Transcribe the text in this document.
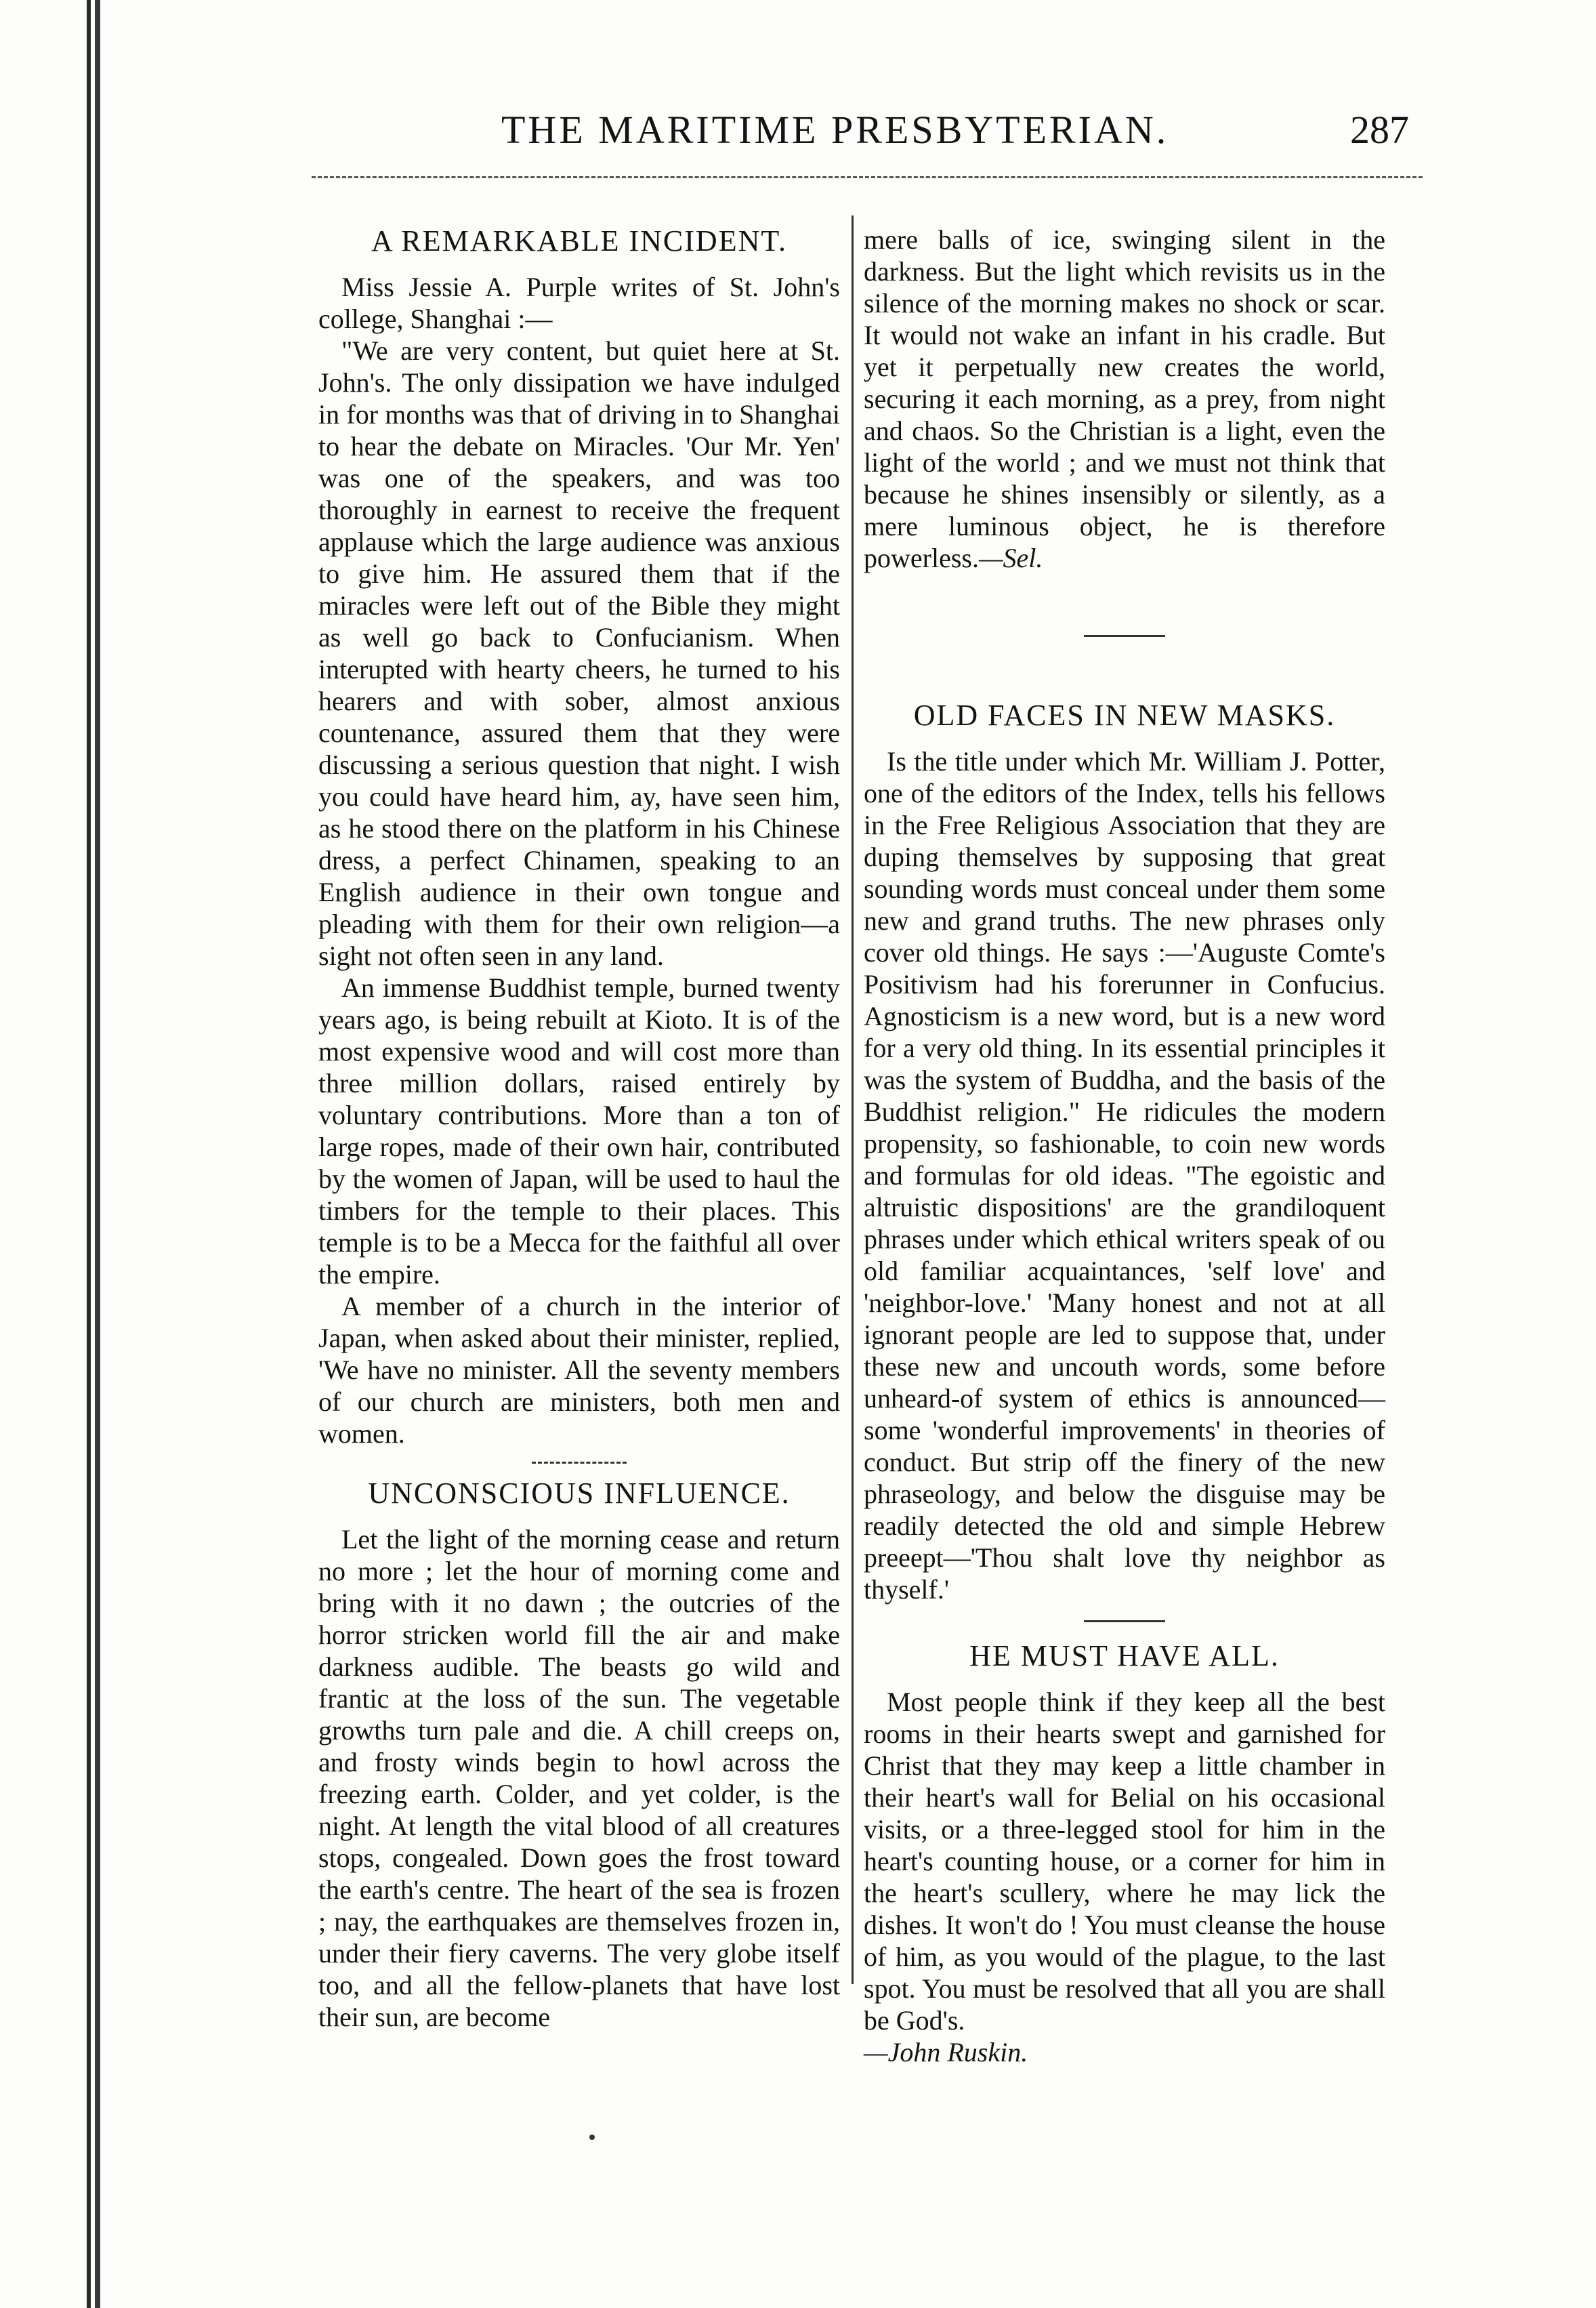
THE MARITIME PRESBYTERIAN.	287
A REMARKABLE INCIDENT.

Miss Jessie A. Purple writes of St. John's college, Shanghai :—

"We are very content, but quiet here at St. John's. The only dissipation we have indulged in for months was that of driving in to Shanghai to hear the debate on Miracles. 'Our Mr. Yen' was one of the speakers, and was too thoroughly in earnest to receive the frequent applause which the large audience was anxious to give him. He assured them that if the miracles were left out of the Bible they might as well go back to Confucianism. When interupted with hearty cheers, he turned to his hearers and with sober, almost anxious countenance, assured them that they were discussing a serious question that night. I wish you could have heard him, ay, have seen him, as he stood there on the platform in his Chinese dress, a perfect Chinamen, speaking to an English audience in their own tongue and pleading with them for their own religion—a sight not often seen in any land.

An immense Buddhist temple, burned twenty years ago, is being rebuilt at Kioto. It is of the most expensive wood and will cost more than three million dollars, raised entirely by voluntary contributions. More than a ton of large ropes, made of their own hair, contributed by the women of Japan, will be used to haul the timbers for the temple to their places. This temple is to be a Mecca for the faithful all over the empire.

A member of a church in the interior of Japan, when asked about their minister, replied, 'We have no minister. All the seventy members of our church are ministers, both men and women.

UNCONSCIOUS INFLUENCE.

Let the light of the morning cease and return no more ; let the hour of morning come and bring with it no dawn ; the outcries of the horror stricken world fill the air and make darkness audible. The beasts go wild and frantic at the loss of the sun. The vegetable growths turn pale and die. A chill creeps on, and frosty winds begin to howl across the freezing earth. Colder, and yet colder, is the night. At length the vital blood of all creatures stops, congealed. Down goes the frost toward the earth's centre. The heart of the sea is frozen ; nay, the earthquakes are themselves frozen in, under their fiery caverns. The very globe itself too, and all the fellow-planets that have lost their sun, are become

mere balls of ice, swinging silent in the darkness. But the light which revisits us in the silence of the morning makes no shock or scar. It would not wake an infant in his cradle. But yet it perpetually new creates the world, securing it each morning, as a prey, from night and chaos. So the Christian is a light, even the light of the world ; and we must not think that because he shines insensibly or silently, as a mere luminous object, he is therefore powerless.—Sel.

OLD FACES IN NEW MASKS.

Is the title under which Mr. William J. Potter, one of the editors of the Index, tells his fellows in the Free Religious Association that they are duping themselves by supposing that great sounding words must conceal under them some new and grand truths. The new phrases only cover old things. He says :—'Auguste Comte's Positivism had his forerunner in Confucius. Agnosticism is a new word, but is a new word for a very old thing. In its essential principles it was the system of Buddha, and the basis of the Buddhist religion." He ridicules the modern propensity, so fashionable, to coin new words and formulas for old ideas. "The egoistic and altruistic dispositions' are the grandiloquent phrases under which ethical writers speak of ou old familiar acquaintances, 'self love' and 'neighbor-love.' 'Many honest and not at all ignorant people are led to suppose that, under these new and uncouth words, some before unheard-of system of ethics is announced—some 'wonderful improvements' in theories of conduct. But strip off the finery of the new phraseology, and below the disguise may be readily detected the old and simple Hebrew preeept—'Thou shalt love thy neighbor as thyself.'

HE MUST HAVE ALL.

Most people think if they keep all the best rooms in their hearts swept and garnished for Christ that they may keep a little chamber in their heart's wall for Belial on his occasional visits, or a three-legged stool for him in the heart's counting house, or a corner for him in the heart's scullery, where he may lick the dishes. It won't do ! You must cleanse the house of him, as you would of the plague, to the last spot. You must be resolved that all you are shall be God's.

—John Ruskin.
